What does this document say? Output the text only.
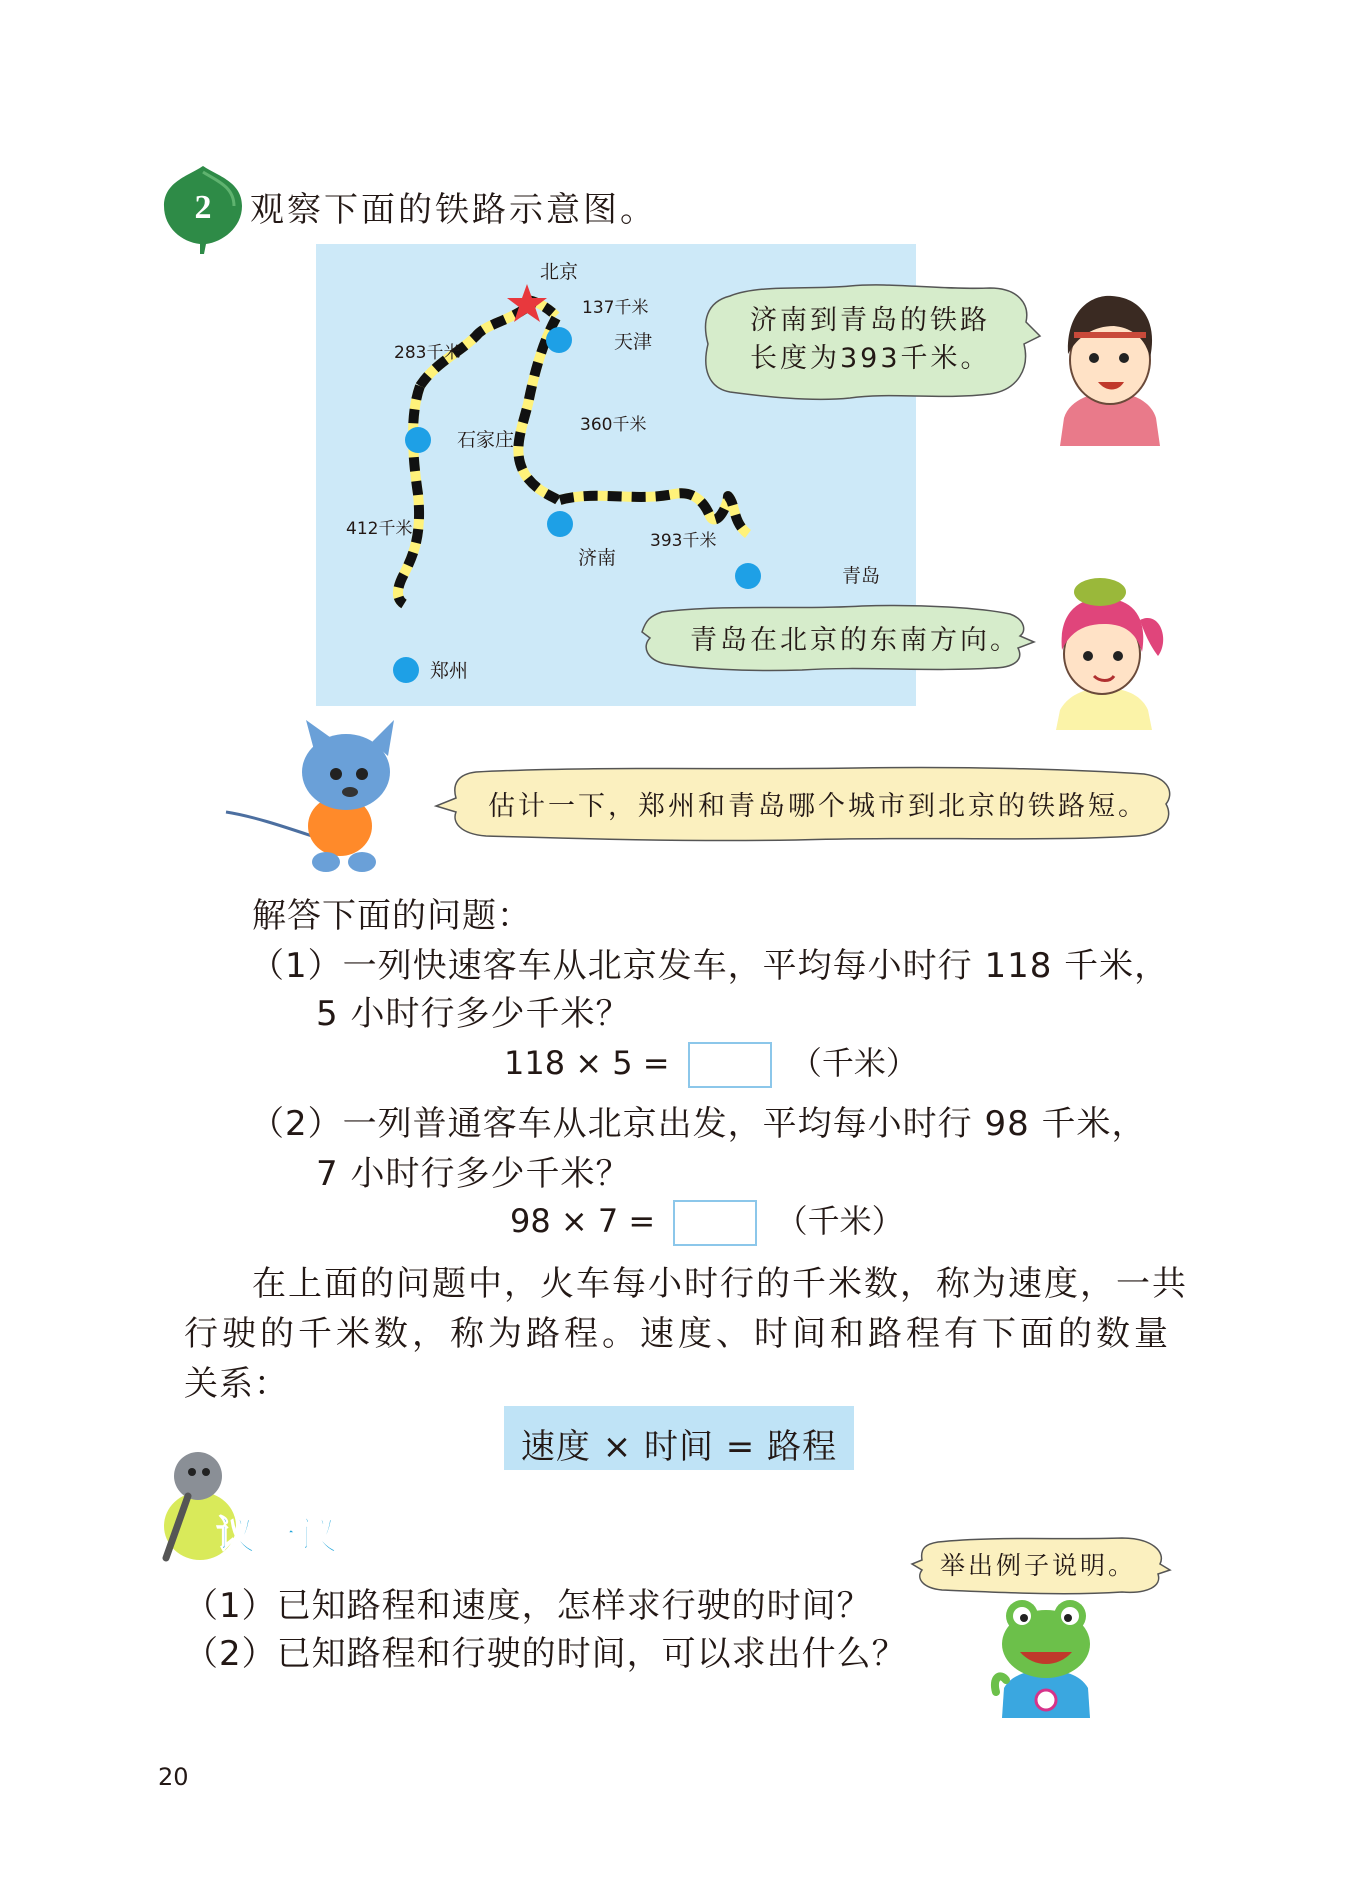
2 观察下面的铁路示意图。
北京
天津
石家庄
济南
青岛
郑州
137千米
283千米
360千米
412千米
393千米
济南到青岛的铁路
长度为393千米。
青岛在北京的东南方向。
估计一下，郑州和青岛哪个城市到北京的铁路短。
解答下面的问题：
（1）一列快速客车从北京发车，平均每小时行 118 千米，
5 小时行多少千米？
118 × 5 =	（千米）
（2）一列普通客车从北京出发，平均每小时行 98 千米，
7 小时行多少千米？
98 × 7 =	（千米）
在上面的问题中，火车每小时行的千米数，称为速度，一共
行驶的千米数，称为路程。速度、时间和路程有下面的数量
关系：
速度 × 时间 = 路程
议一议
（1）已知路程和速度，怎样求行驶的时间？
（2）已知路程和行驶的时间，可以求出什么？
举出例子说明。
20
